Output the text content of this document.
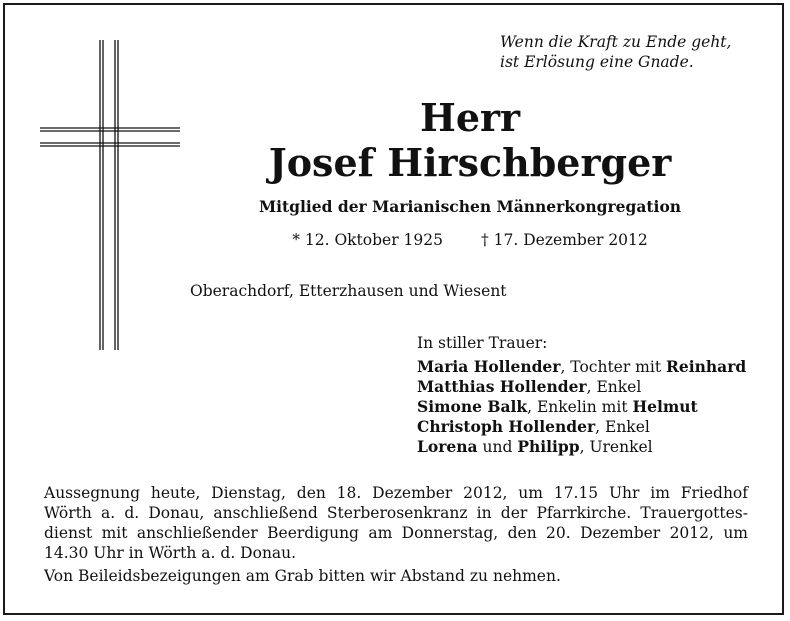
Wenn die Kraft zu Ende geht,
ist Erlösung eine Gnade.
Herr
Josef Hirschberger
Mitglied der Marianischen Männerkongregation
* 12. Oktober 1925 † 17. Dezember 2012
Oberachdorf, Etterzhausen und Wiesent
In stiller Trauer:
Maria Hollender, Tochter mit Reinhard
Matthias Hollender, Enkel
Simone Balk, Enkelin mit Helmut
Christoph Hollender, Enkel
Lorena und Philipp, Urenkel
Aussegnung heute, Dienstag, den 18. Dezember 2012, um 17.15 Uhr im Friedhof
Wörth a. d. Donau, anschließend Sterberosenkranz in der Pfarrkirche. Trauergottes-
dienst mit anschließender Beerdigung am Donnerstag, den 20. Dezember 2012, um
14.30 Uhr in Wörth a. d. Donau.
Von Beileidsbezeigungen am Grab bitten wir Abstand zu nehmen.
